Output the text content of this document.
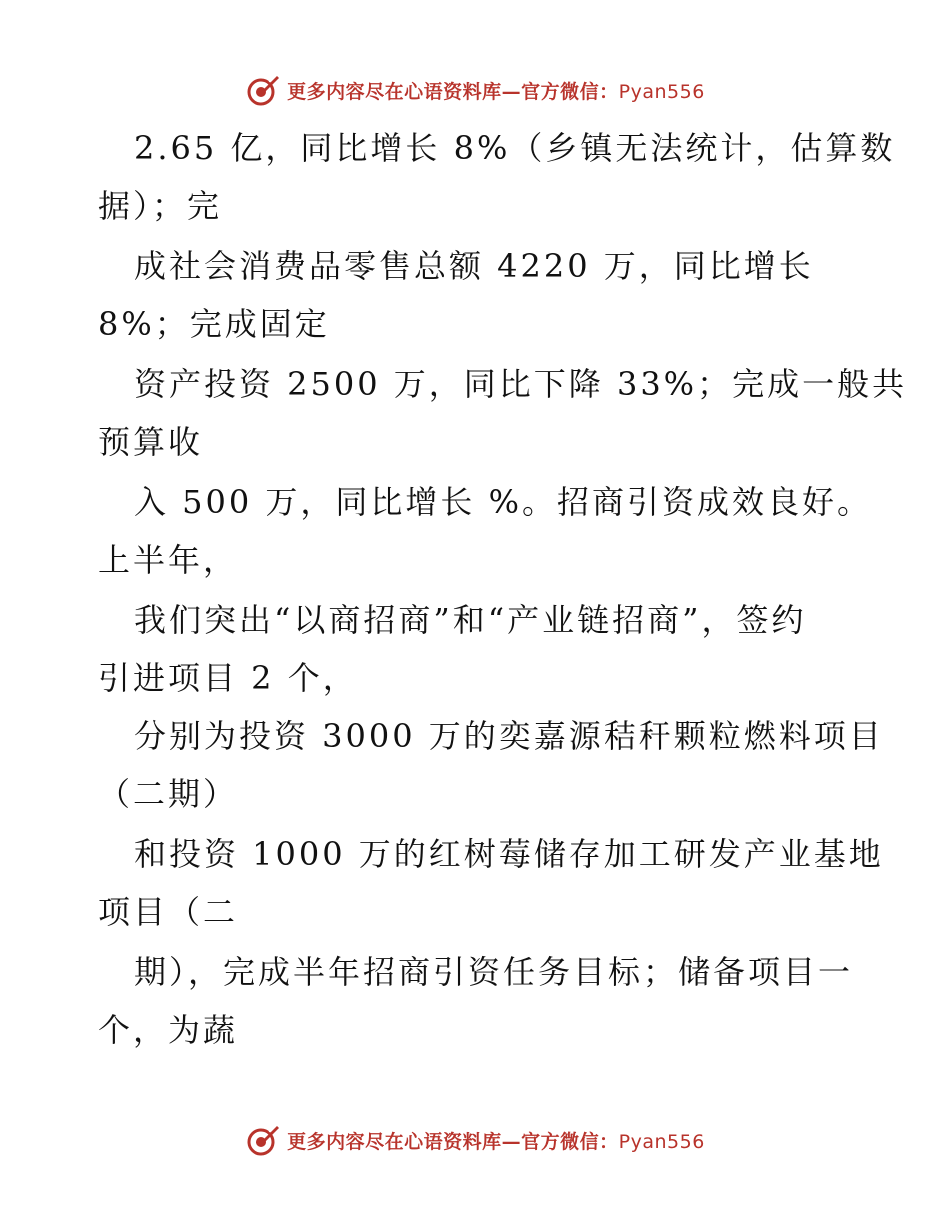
更多内容尽在心语资料库—官方微信：Pyan556
2.65 亿，同比增长 8%（乡镇无法统计，估算数
据）；完
成社会消费品零售总额 4220 万，同比增长
8%；完成固定
资产投资 2500 万，同比下降 33%；完成一般共
预算收
入 500 万，同比增长 %。招商引资成效良好。
上半年，
我们突出“以商招商”和“产业链招商”，签约
引进项目 2 个，
分别为投资 3000 万的奕嘉源秸秆颗粒燃料项目
（二期）
和投资 1000 万的红树莓储存加工研发产业基地
项目（二
期），完成半年招商引资任务目标；储备项目一
个，为蔬
更多内容尽在心语资料库—官方微信：Pyan556
